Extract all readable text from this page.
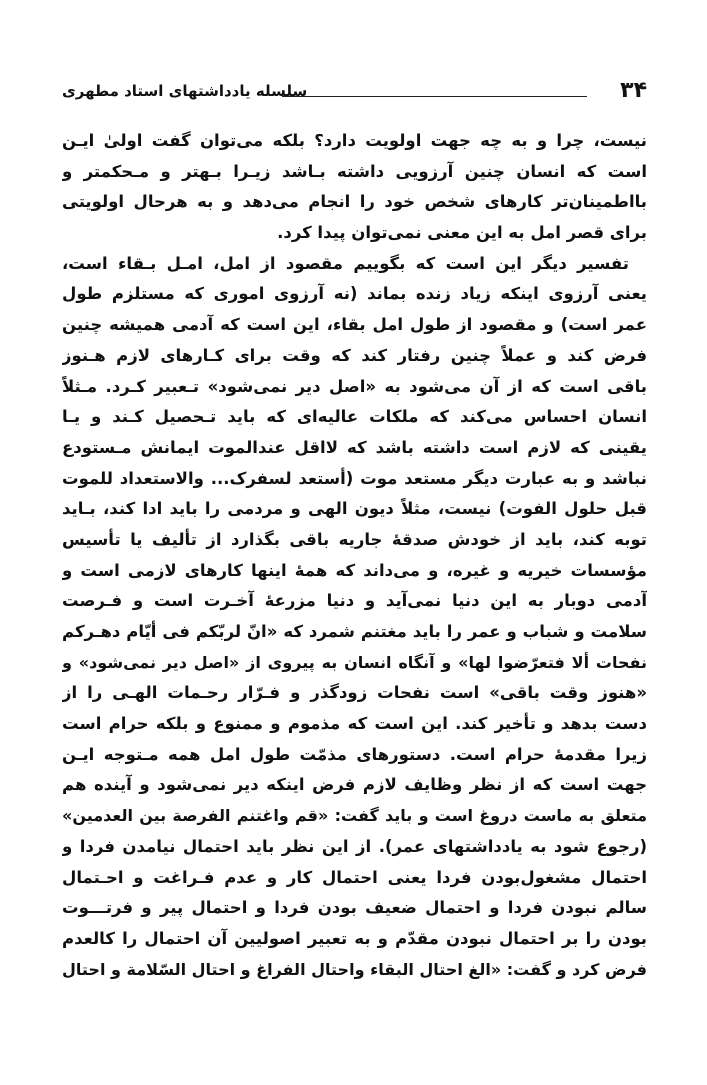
۳۴
سلسله یادداشتهای استاد مطهری
نیست، چرا و به چه جهت اولویت دارد؟ بلکه می‌توان گفت اولیٰ ایـن
است که انسان چنین آرزویی داشته بـاشد زیـرا بـهتر و مـحکمتر و
بااطمینان‌تر کارهای شخص خود را انجام می‌دهد و به هرحال اولویتی
برای قصر امل به این معنی نمی‌توان پیدا کرد.
تفسیر دیگر این است که بگوییم مقصود از امل، امـل بـقاء است،
یعنی آرزوی اینکه زیاد زنده بماند (نه آرزوی اموری که مستلزم طول
عمر است) و مقصود از طول امل بقاء، این است که آدمی همیشه چنین
فرض کند و عملاً چنین رفتار کند که وقت برای کـارهای لازم هـنوز
باقی است که از آن می‌شود به «اصل دیر نمی‌شود» تـعبیر کـرد. مـثلاً
انسان احساس می‌کند که ملکات عالیه‌ای که باید تـحصیل کـند و یـا
یقینی که لازم است داشته باشد که لااقل عندالموت ایمانش مـستودع
نباشد و به عبارت دیگر مستعد موت (أستعد لسفرک... والاستعداد للموت
قبل حلول الفوت) نیست، مثلاً دیون الهی و مردمی را باید ادا کند، بـاید
توبه کند، باید از خودش صدقهٔ جاریه باقی بگذارد از تألیف یا تأسیس
مؤسسات خیریه و غیره، و می‌داند که همهٔ اینها کارهای لازمی است و
آدمی دوبار به این دنیا نمی‌آید و دنیا مزرعهٔ آخـرت است و فـرصت
سلامت و شباب و عمر را باید مغتنم شمرد که «انّ لربّکم فی أیّام دهـرکم
نفحات ألا فتعرّضوا لها» و آنگاه انسان به پیروی از «اصل دیر نمی‌شود» و
«هنوز وقت باقی» است نفحات زودگذر و فـرّار رحـمات الهـی را از
دست بدهد و تأخیر کند. این است که مذموم و ممنوع و بلکه حرام است
زیرا مقدمهٔ حرام است. دستورهای مذمّت طول امل همه مـتوجه ایـن
جهت است که از نظر وظایف لازم فرض اینکه دیر نمی‌شود و آینده هم
متعلق به ماست دروغ است و باید گفت: «قم واغتنم الفرصة بین العدمین»
(رجوع شود به یادداشتهای عمر). از این نظر باید احتمال نیامدن فردا و
احتمال مشغول‌بودن فردا یعنی احتمال کار و عدم فـراغت و احـتمال
سالم نبودن فردا و احتمال ضعیف بودن فردا و احتمال پیر و فرتـــوت
بودن را بر احتمال نبودن مقدّم و به تعبیر اصولیین آن احتمال را کالعدم
فرض کرد و گفت: «الغ احتال البقاء واحتال الفراغ و احتال السّلامة و احتال
